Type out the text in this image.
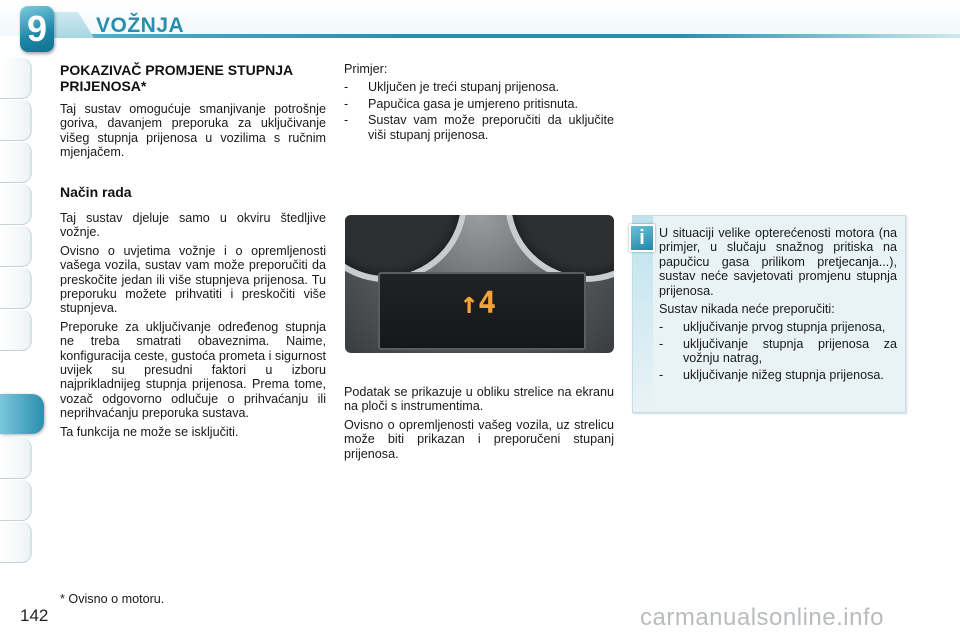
9	VOŽNJA
POKAZIVAČ PROMJENE STUPNJA PRIJENOSA*
Taj sustav omogućuje smanjivanje potrošnje goriva, davanjem preporuka za uključivanje višeg stupnja prijenosa u vozilima s ručnim mjenjačem.
Način rada

Taj sustav djeluje samo u okviru štedljive vožnje.

Ovisno o uvjetima vožnje i o opremljenosti vašega vozila, sustav vam može preporučiti da preskočite jedan ili više stupnjeva prijenosa. Tu preporuku možete prihvatiti i preskočiti više stupnjeva.

Preporuke za uključivanje određenog stupnja ne treba smatrati obaveznima. Naime, konfiguracija ceste, gustoća prometa i sigurnost uvijek su presudni faktori u izboru najprikladnijeg stupnja prijenosa. Prema tome, vozač odgovorno odlučuje o prihvaćanju ili neprihvaćanju preporuka sustava.

Ta funkcija ne može se isključiti.

Primjer:

- Uključen je treći stupanj prijenosa.
- Papučica gasa je umjereno pritisnuta.
- Sustav vam može preporučiti da uključite viši stupanj prijenosa.
↑4

Podatak se prikazuje u obliku strelice na ekranu na ploči s instrumentima.

Ovisno o opremljenosti vašeg vozila, uz strelicu može biti prikazan i preporučeni stupanj prijenosa.

U situaciji velike opterećenosti motora (na primjer, u slučaju snažnog pritiska na papučicu gasa prilikom pretjecanja...), sustav neće savjetovati promjenu stupnja prijenosa.

Sustav nikada neće preporučiti:

- uključivanje prvog stupnja prijenosa,
- uključivanje stupnja prijenosa za vožnju natrag,
- uključivanje nižeg stupnja prijenosa.
i
* Ovisno o motoru.
142	carmanualsonline.info
